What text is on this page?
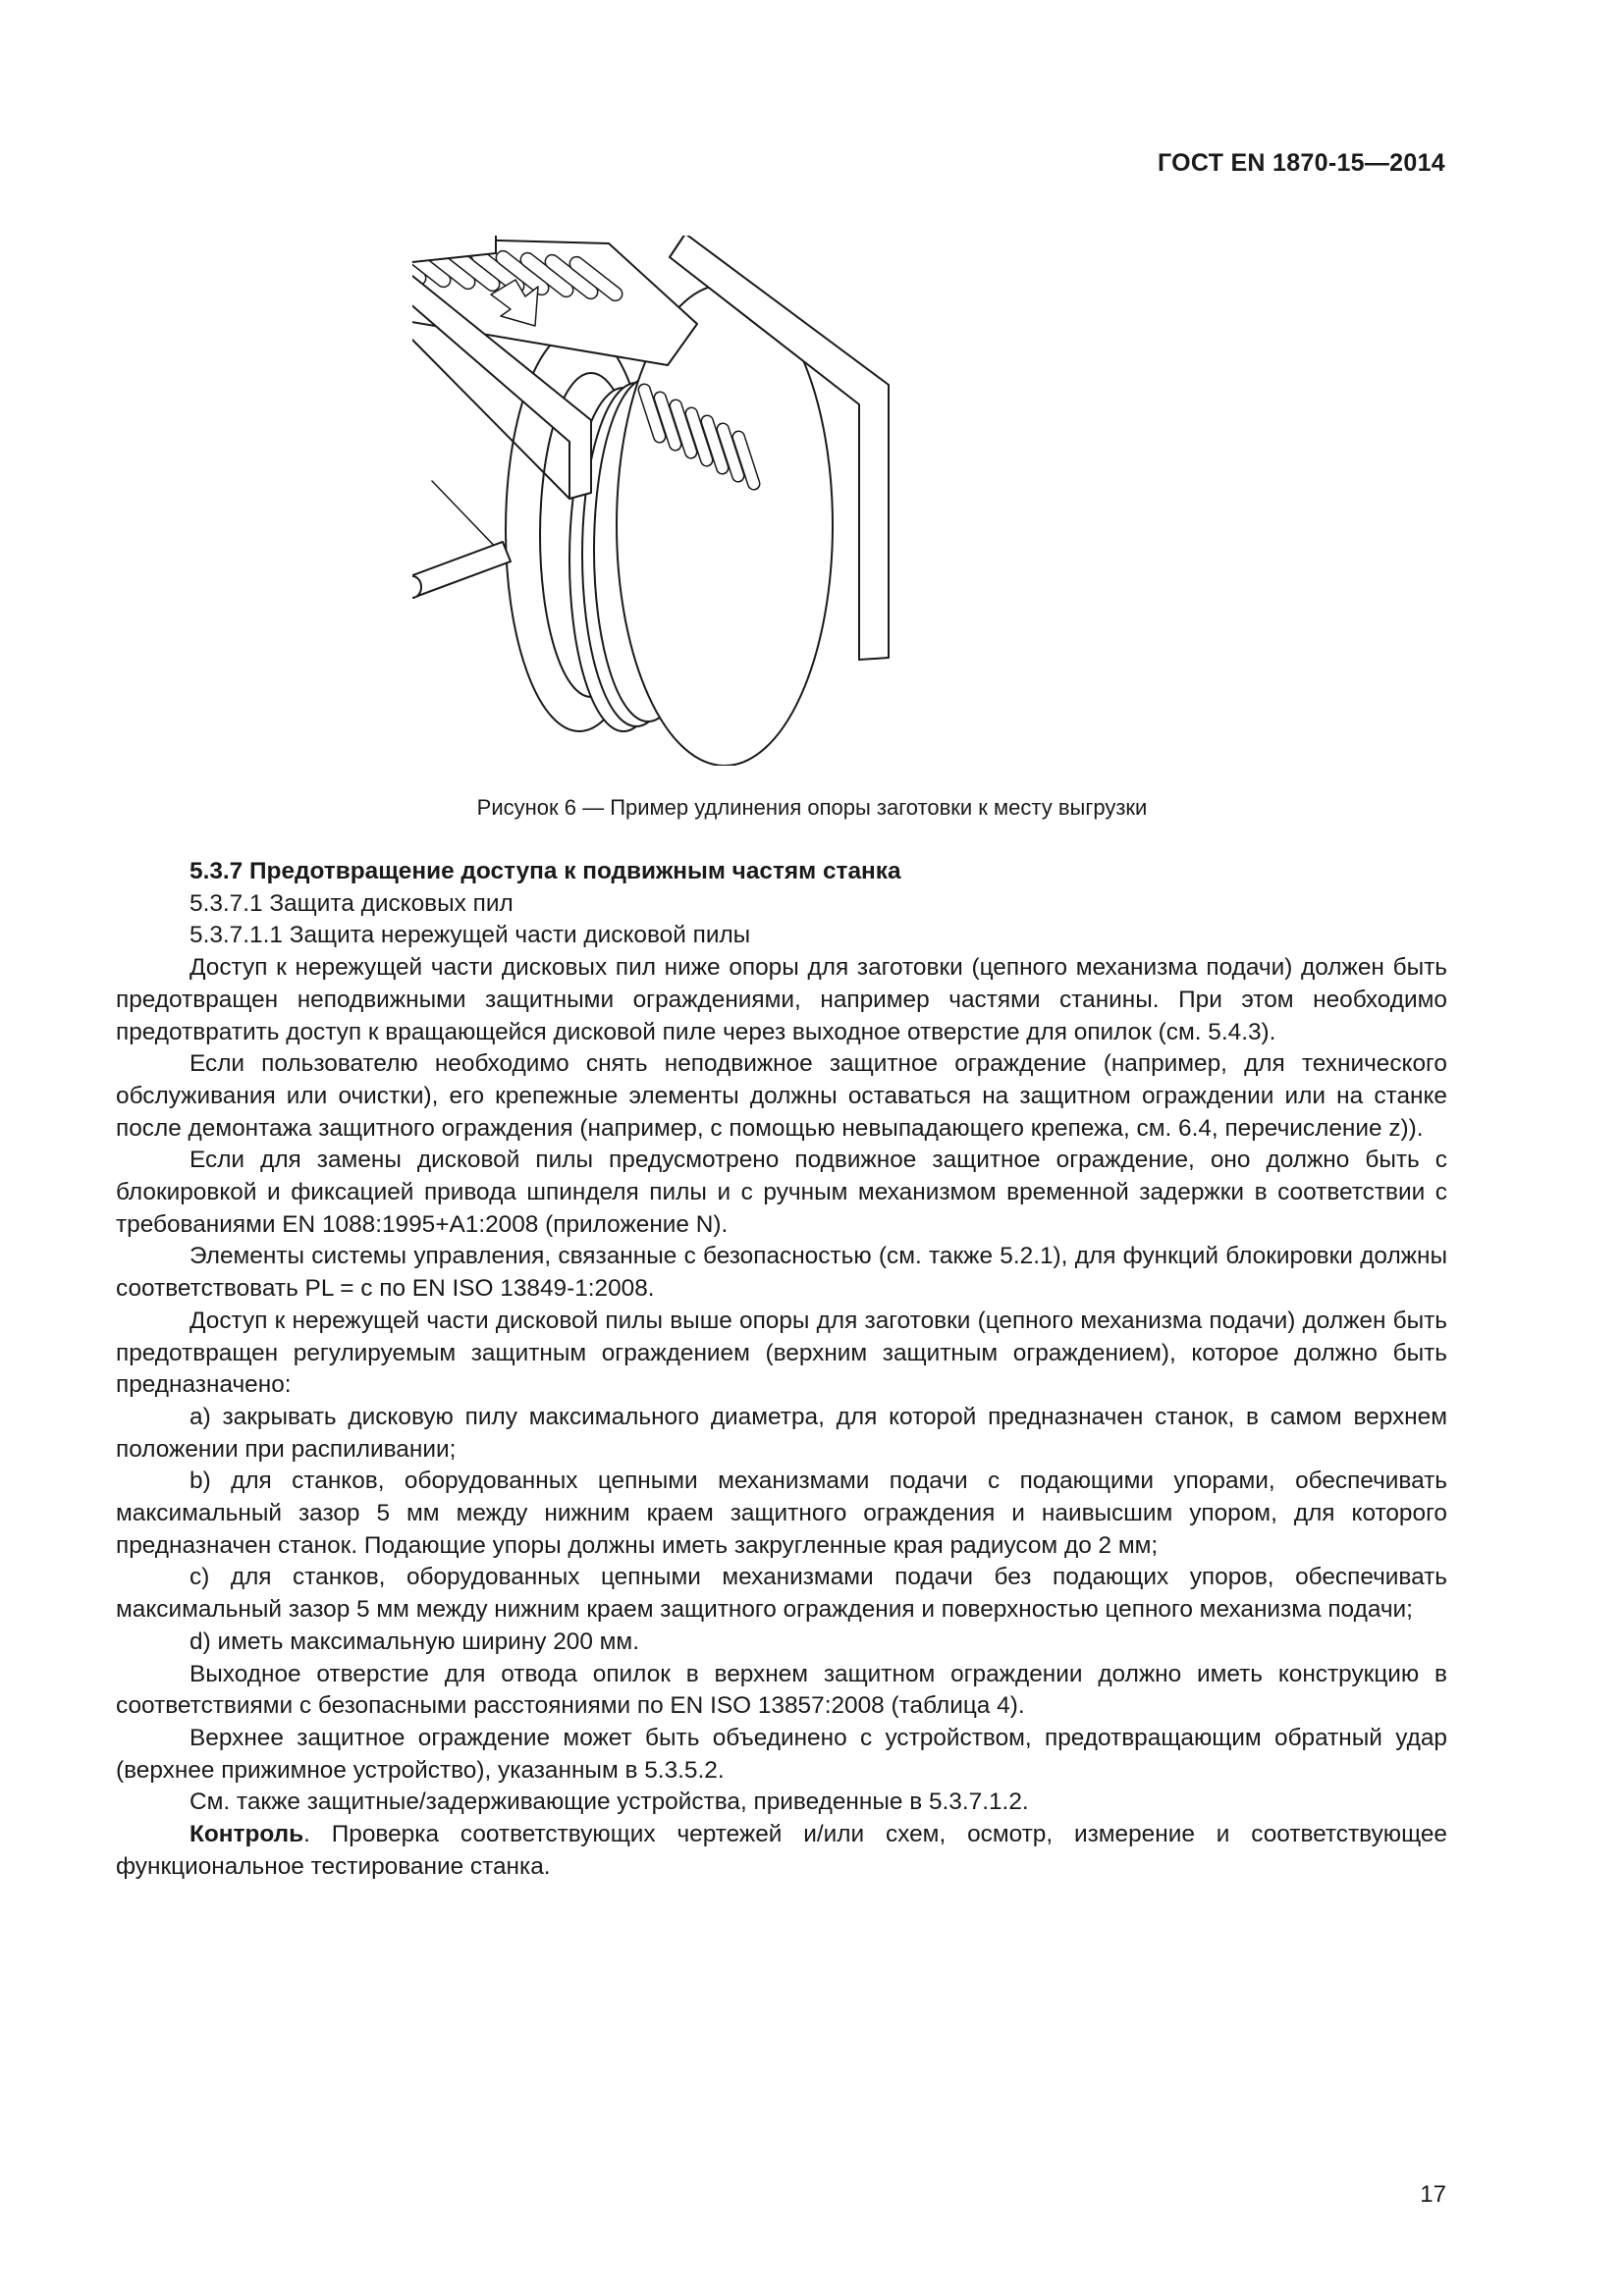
ГОСТ EN 1870-15—2014
Рисунок 6 — Пример удлинения опоры заготовки к месту выгрузки

5.3.7 Предотвращение доступа к подвижным частям станка

5.3.7.1 Защита дисковых пил

5.3.7.1.1 Защита нережущей части дисковой пилы

Доступ к нережущей части дисковых пил ниже опоры для заготовки (цепного механизма подачи) должен быть предотвращен неподвижными защитными ограждениями, например частями станины. При этом необходимо предотвратить доступ к вращающейся дисковой пиле через выходное отверстие для опилок (см. 5.4.3).

Если пользователю необходимо снять неподвижное защитное ограждение (например, для технического обслуживания или очистки), его крепежные элементы должны оставаться на защитном ограждении или на станке после демонтажа защитного ограждения (например, с помощью невыпадающего крепежа, см. 6.4, перечисление z)).

Если для замены дисковой пилы предусмотрено подвижное защитное ограждение, оно должно быть с блокировкой и фиксацией привода шпинделя пилы и с ручным механизмом временной задержки в соответствии с требованиями EN 1088:1995+A1:2008 (приложение N).

Элементы системы управления, связанные с безопасностью (см. также 5.2.1), для функций блокировки должны соответствовать PL = c по EN ISO 13849-1:2008.

Доступ к нережущей части дисковой пилы выше опоры для заготовки (цепного механизма подачи) должен быть предотвращен регулируемым защитным ограждением (верхним защитным ограждением), которое должно быть предназначено:

a) закрывать дисковую пилу максимального диаметра, для которой предназначен станок, в самом верхнем положении при распиливании;

b) для станков, оборудованных цепными механизмами подачи с подающими упорами, обеспечивать максимальный зазор 5 мм между нижним краем защитного ограждения и наивысшим упором, для которого предназначен станок. Подающие упоры должны иметь закругленные края радиусом до 2 мм;

c) для станков, оборудованных цепными механизмами подачи без подающих упоров, обеспечивать максимальный зазор 5 мм между нижним краем защитного ограждения и поверхностью цепного механизма подачи;

d) иметь максимальную ширину 200 мм.

Выходное отверстие для отвода опилок в верхнем защитном ограждении должно иметь конструкцию в соответствиями с безопасными расстояниями по EN ISO 13857:2008 (таблица 4).

Верхнее защитное ограждение может быть объединено с устройством, предотвращающим обратный удар (верхнее прижимное устройство), указанным в 5.3.5.2.

См. также защитные/задерживающие устройства, приведенные в 5.3.7.1.2.

Контроль. Проверка соответствующих чертежей и/или схем, осмотр, измерение и соответствующее функциональное тестирование станка.

17
